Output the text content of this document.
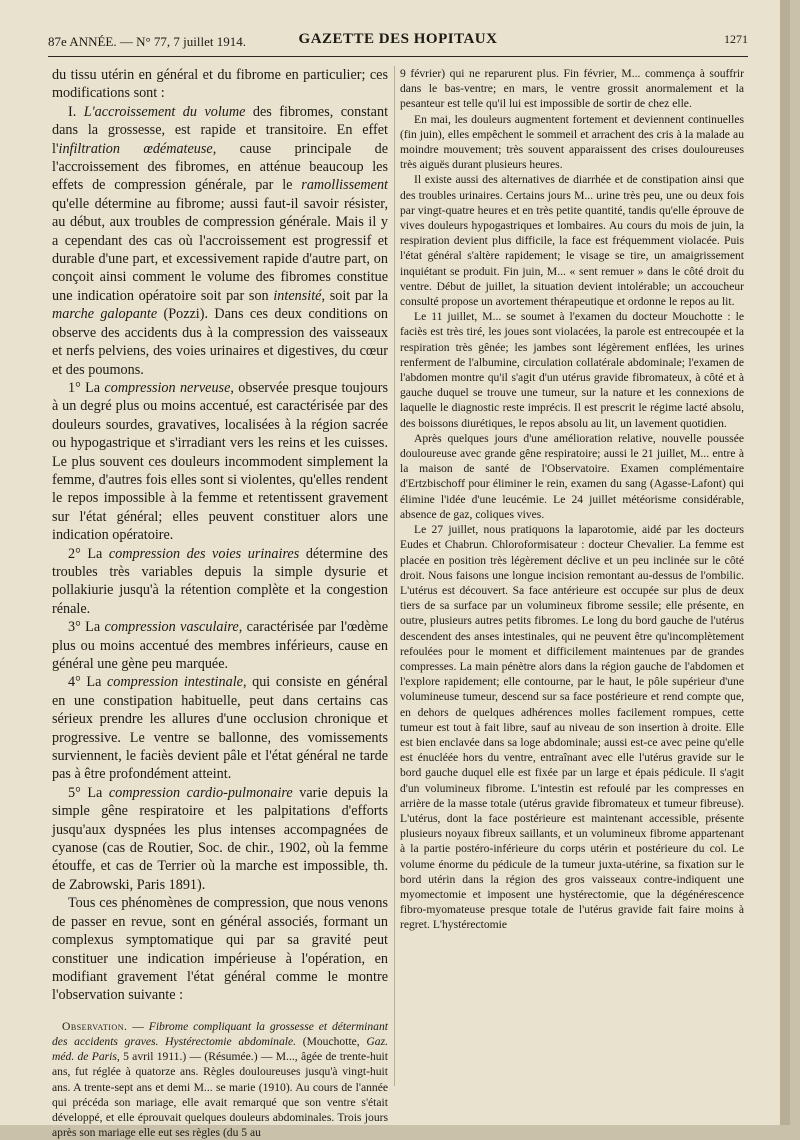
87e ANNÉE. — N° 77, 7 juillet 1914.	GAZETTE DES HOPITAUX	1271

du tissu utérin en général et du fibrome en particulier; ces modifications sont :

I. L'accroissement du volume des fibromes, constant dans la grossesse, est rapide et transitoire. En effet l'infiltration œdémateuse, cause principale de l'accroissement des fibromes, en atténue beaucoup les effets de compression générale, par le ramollissement qu'elle détermine au fibrome; aussi faut-il savoir résister, au début, aux troubles de compression générale. Mais il y a cependant des cas où l'accroissement est progressif et durable d'une part, et excessivement rapide d'autre part, on conçoit ainsi comment le volume des fibromes constitue une indication opératoire soit par son intensité, soit par la marche galopante (Pozzi). Dans ces deux conditions on observe des accidents dus à la compression des vaisseaux et nerfs pelviens, des voies urinaires et digestives, du cœur et des poumons.

1° La compression nerveuse, observée presque toujours à un degré plus ou moins accentué, est caractérisée par des douleurs sourdes, gravatives, localisées à la région sacrée ou hypogastrique et s'irradiant vers les reins et les cuisses. Le plus souvent ces douleurs incommodent simplement la femme, d'autres fois elles sont si violentes, qu'elles rendent le repos impossible à la femme et retentissent gravement sur l'état général; elles peuvent constituer alors une indication opératoire.

2° La compression des voies urinaires détermine des troubles très variables depuis la simple dysurie et pollakiurie jusqu'à la rétention complète et la congestion rénale.

3° La compression vasculaire, caractérisée par l'œdème plus ou moins accentué des membres inférieurs, cause en général une gène peu marquée.

4° La compression intestinale, qui consiste en général en une constipation habituelle, peut dans certains cas sérieux prendre les allures d'une occlusion chronique et progressive. Le ventre se ballonne, des vomissements surviennent, le faciès devient pâle et l'état général ne tarde pas à être profondément atteint.

5° La compression cardio-pulmonaire varie depuis la simple gêne respiratoire et les palpitations d'efforts jusqu'aux dyspnées les plus intenses accompagnées de cyanose (cas de Routier, Soc. de chir., 1902, où la femme étouffe, et cas de Terrier où la marche est impossible, th. de Zabrowski, Paris 1891).

Tous ces phénomènes de compression, que nous venons de passer en revue, sont en général associés, formant un complexus symptomatique qui par sa gravité peut constituer une indication impérieuse à l'opération, en modifiant gravement l'état général comme le montre l'observation suivante :

Observation. — Fibrome compliquant la grossesse et déterminant des accidents graves. Hystérectomie abdominale. (Mouchotte, Gaz. méd. de Paris, 5 avril 1911.) — (Résumée.) — M..., âgée de trente-huit ans, fut réglée à quatorze ans. Règles douloureuses jusqu'à vingt-huit ans. A trente-sept ans et demi M... se marie (1910). Au cours de l'année qui précéda son mariage, elle avait remarqué que son ventre s'était développé, et elle éprouvait quelques douleurs abdominales. Trois jours après son mariage elle eut ses règles (du 5 au

9 février) qui ne reparurent plus. Fin février, M... commença à souffrir dans le bas-ventre; en mars, le ventre grossit anormalement et la pesanteur est telle qu'il lui est impossible de sortir de chez elle.

En mai, les douleurs augmentent fortement et deviennent continuelles (fin juin), elles empêchent le sommeil et arrachent des cris à la malade au moindre mouvement; très souvent apparaissent des crises douloureuses très aiguës durant plusieurs heures.

Il existe aussi des alternatives de diarrhée et de constipation ainsi que des troubles urinaires. Certains jours M... urine très peu, une ou deux fois par vingt-quatre heures et en très petite quantité, tandis qu'elle éprouve de vives douleurs hypogastriques et lombaires. Au cours du mois de juin, la respiration devient plus difficile, la face est fréquemment violacée. Puis l'état général s'altère rapidement; le visage se tire, un amaigrissement inquiétant se produit. Fin juin, M... « sent remuer » dans le côté droit du ventre. Début de juillet, la situation devient intolérable; un accoucheur consulté propose un avortement thérapeutique et ordonne le repos au lit.

Le 11 juillet, M... se soumet à l'examen du docteur Mouchotte : le faciès est très tiré, les joues sont violacées, la parole est entrecoupée et la respiration très gênée; les jambes sont légèrement enflées, les urines renferment de l'albumine, circulation collatérale abdominale; l'examen de l'abdomen montre qu'il s'agit d'un utérus gravide fibromateux, à côté et à gauche duquel se trouve une tumeur, sur la nature et les connexions de laquelle le diagnostic reste imprécis. Il est prescrit le régime lacté absolu, des boissons diurétiques, le repos absolu au lit, un lavement quotidien.

Après quelques jours d'une amélioration relative, nouvelle poussée douloureuse avec grande gêne respiratoire; aussi le 21 juillet, M... entre à la maison de santé de l'Observatoire. Examen complémentaire d'Ertzbischoff pour éliminer le rein, examen du sang (Agasse-Lafont) qui élimine l'idée d'une leucémie. Le 24 juillet météorisme considérable, absence de gaz, coliques vives.

Le 27 juillet, nous pratiquons la laparotomie, aidé par les docteurs Eudes et Chabrun. Chloroformisateur : docteur Chevalier. La femme est placée en position très légèrement déclive et un peu inclinée sur le côté droit. Nous faisons une longue incision remontant au-dessus de l'ombilic. L'utérus est découvert. Sa face antérieure est occupée sur plus de deux tiers de sa surface par un volumineux fibrome sessile; elle présente, en outre, plusieurs autres petits fibromes. Le long du bord gauche de l'utérus descendent des anses intestinales, qui ne peuvent être qu'incomplètement refoulées pour le moment et difficilement maintenues par de grandes compresses. La main pénètre alors dans la région gauche de l'abdomen et l'explore rapidement; elle contourne, par le haut, le pôle supérieur d'une volumineuse tumeur, descend sur sa face postérieure et rend compte que, en dehors de quelques adhérences molles facilement rompues, cette tumeur est tout à fait libre, sauf au niveau de son insertion à droite. Elle est bien enclavée dans sa loge abdominale; aussi est-ce avec peine qu'elle est énucléée hors du ventre, entraînant avec elle l'utérus gravide sur le bord gauche duquel elle est fixée par un large et épais pédicule. Il s'agit d'un volumineux fibrome. L'intestin est refoulé par les compresses en arrière de la masse totale (utérus gravide fibromateux et tumeur fibreuse). L'utérus, dont la face postérieure est maintenant accessible, présente plusieurs noyaux fibreux saillants, et un volumineux fibrome appartenant à la partie postéro-inférieure du corps utérin et postérieure du col. Le volume énorme du pédicule de la tumeur juxta-utérine, sa fixation sur le bord utérin dans la région des gros vaisseaux contre-indiquent une myomectomie et imposent une hystérectomie, que la dégénérescence fibro-myomateuse presque totale de l'utérus gravide fait faire moins à regret. L'hystérectomie
